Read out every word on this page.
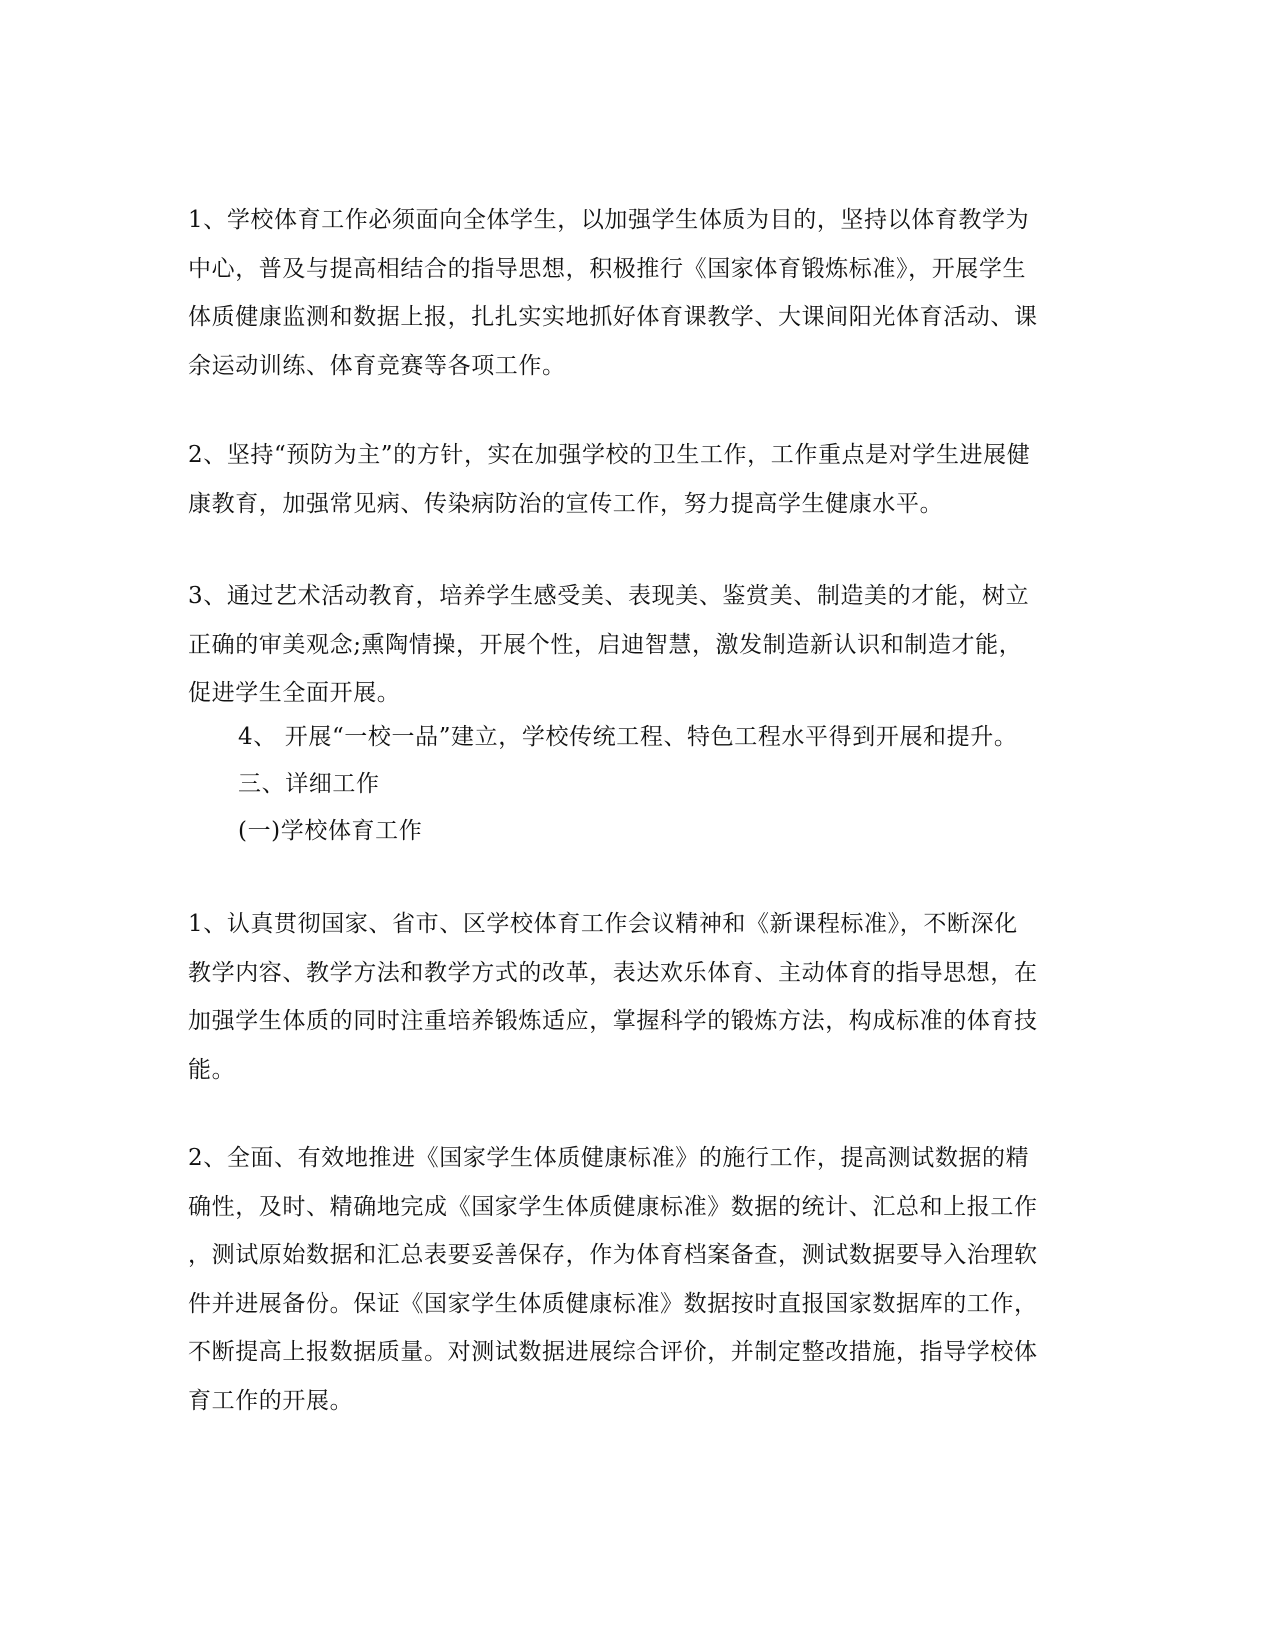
1、学校体育工作必须面向全体学生，以加强学生体质为目的，坚持以体育教学为
中心，普及与提高相结合的指导思想，积极推行《国家体育锻炼标准》，开展学生
体质健康监测和数据上报，扎扎实实地抓好体育课教学、大课间阳光体育活动、课
余运动训练、体育竞赛等各项工作。
2、坚持“预防为主”的方针，实在加强学校的卫生工作，工作重点是对学生进展健
康教育，加强常见病、传染病防治的宣传工作，努力提高学生健康水平。
3、通过艺术活动教育，培养学生感受美、表现美、鉴赏美、制造美的才能，树立
正确的审美观念;熏陶情操，开展个性，启迪智慧，激发制造新认识和制造才能，
促进学生全面开展。
4、 开展“一校一品”建立，学校传统工程、特色工程水平得到开展和提升。
三、详细工作
(一)学校体育工作
1、认真贯彻国家、省市、区学校体育工作会议精神和《新课程标准》，不断深化
教学内容、教学方法和教学方式的改革，表达欢乐体育、主动体育的指导思想，在
加强学生体质的同时注重培养锻炼适应，掌握科学的锻炼方法，构成标准的体育技
能。
2、全面、有效地推进《国家学生体质健康标准》的施行工作，提高测试数据的精
确性，及时、精确地完成《国家学生体质健康标准》数据的统计、汇总和上报工作
，测试原始数据和汇总表要妥善保存，作为体育档案备查，测试数据要导入治理软
件并进展备份。保证《国家学生体质健康标准》数据按时直报国家数据库的工作，
不断提高上报数据质量。对测试数据进展综合评价，并制定整改措施，指导学校体
育工作的开展。
